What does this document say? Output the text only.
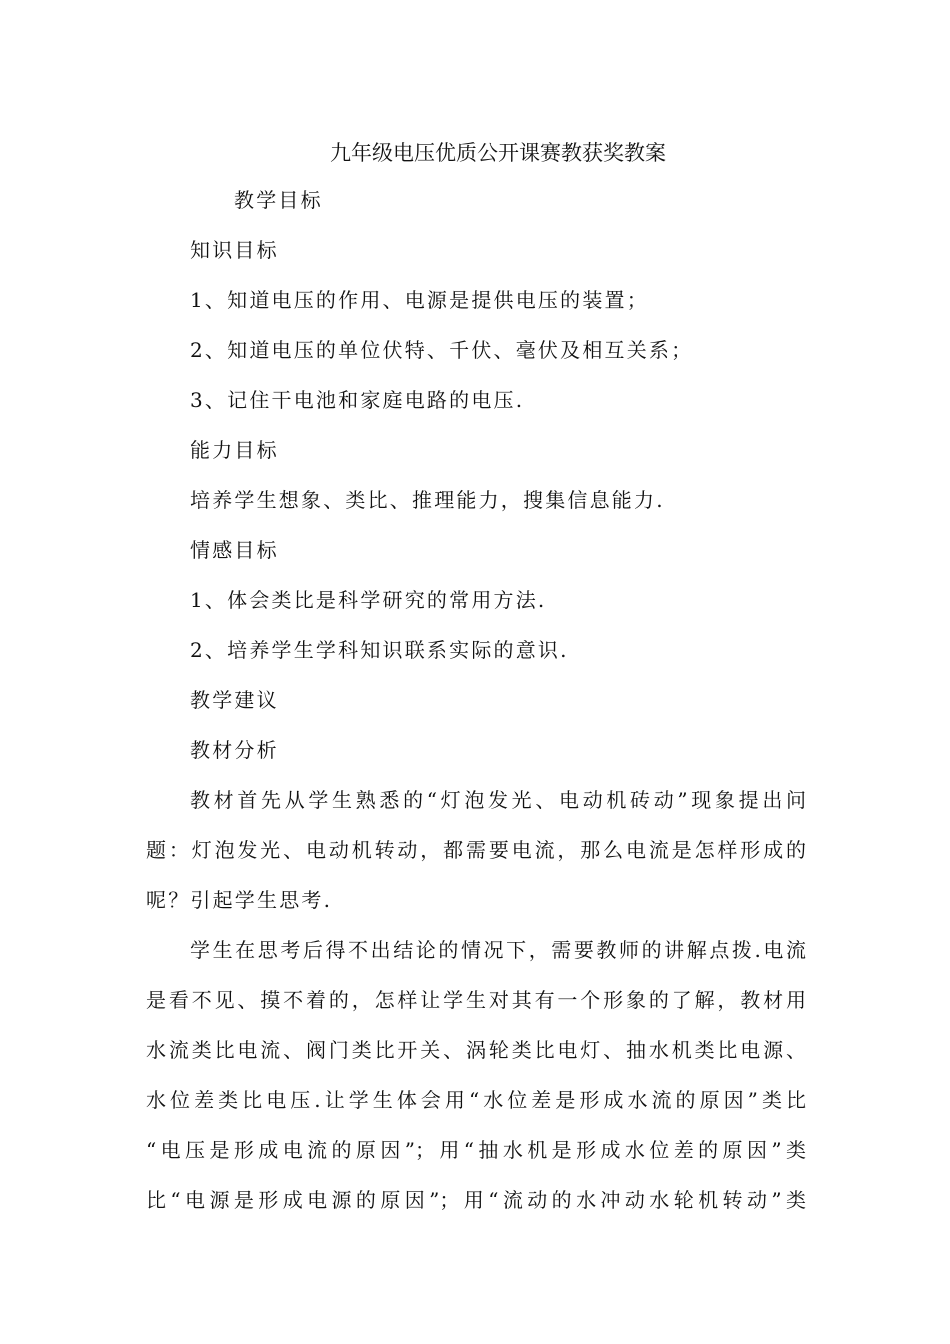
九年级电压优质公开课赛教获奖教案
教学目标
知识目标
1、知道电压的作用、电源是提供电压的装置；
2、知道电压的单位伏特、千伏、毫伏及相互关系；
3、记住干电池和家庭电路的电压.
能力目标
培养学生想象、类比、推理能力，搜集信息能力.
情感目标
1、体会类比是科学研究的常用方法.
2、培养学生学科知识联系实际的意识.
教学建议
教材分析
教材首先从学生熟悉的“灯泡发光、电动机砖动”现象提出问
题：灯泡发光、电动机转动，都需要电流，那么电流是怎样形成的
呢？引起学生思考.
学生在思考后得不出结论的情况下，需要教师的讲解点拨.电流
是看不见、摸不着的，怎样让学生对其有一个形象的了解，教材用
水流类比电流、阀门类比开关、涡轮类比电灯、抽水机类比电源、
水位差类比电压.让学生体会用“水位差是形成水流的原因”类比
“电压是形成电流的原因”；用“抽水机是形成水位差的原因”类
比“电源是形成电源的原因”；用“流动的水冲动水轮机转动”类
